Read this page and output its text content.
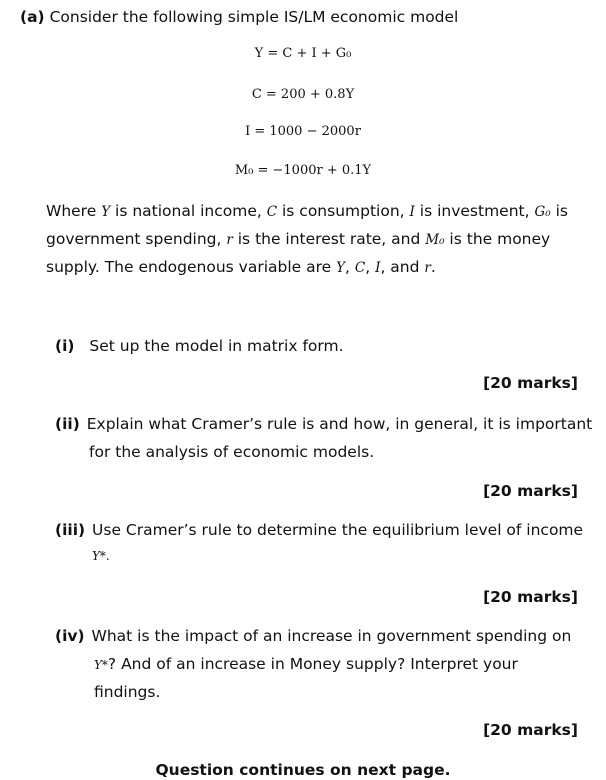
(a) Consider the following simple IS/LM economic model
Y = C + I + G₀
C = 200 + 0.8Y
I = 1000 − 2000r
M₀ = −1000r + 0.1Y
Where Y is national income, C is consumption, I is investment, G₀ is
government spending, r is the interest rate, and M₀ is the money
supply. The endogenous variable are Y, C, I, and r.
(i) Set up the model in matrix form.
[20 marks]
(ii) Explain what Cramer’s rule is and how, in general, it is important
for the analysis of economic models.
[20 marks]
(iii) Use Cramer’s rule to determine the equilibrium level of income
Y*.
[20 marks]
(iv) What is the impact of an increase in government spending on
Y*? And of an increase in Money supply? Interpret your
findings.
[20 marks]
Question continues on next page.
